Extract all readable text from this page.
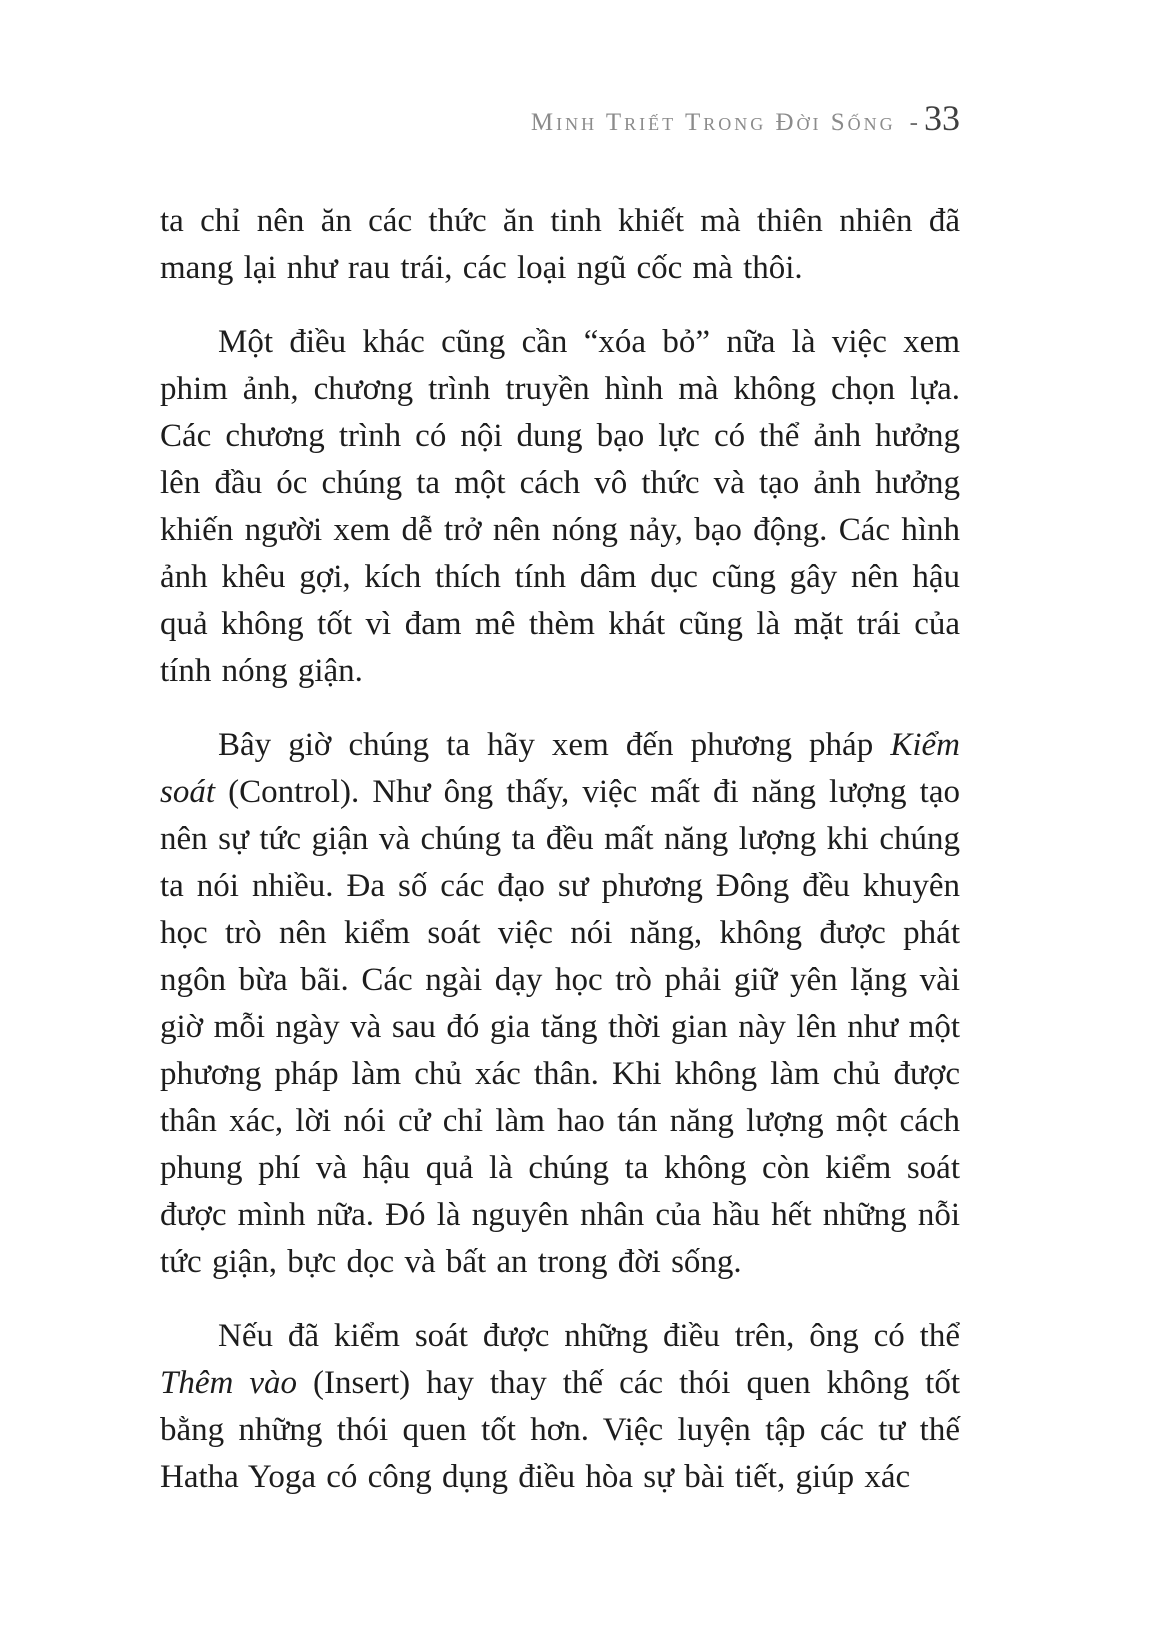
Minh Triết Trong Đời Sống - 33

ta chỉ nên ăn các thức ăn tinh khiết mà thiên nhiên đã mang lại như rau trái, các loại ngũ cốc mà thôi.

Một điều khác cũng cần “xóa bỏ” nữa là việc xem phim ảnh, chương trình truyền hình mà không chọn lựa. Các chương trình có nội dung bạo lực có thể ảnh hưởng lên đầu óc chúng ta một cách vô thức và tạo ảnh hưởng khiến người xem dễ trở nên nóng nảy, bạo động. Các hình ảnh khêu gợi, kích thích tính dâm dục cũng gây nên hậu quả không tốt vì đam mê thèm khát cũng là mặt trái của tính nóng giận.

Bây giờ chúng ta hãy xem đến phương pháp Kiểm soát (Control). Như ông thấy, việc mất đi năng lượng tạo nên sự tức giận và chúng ta đều mất năng lượng khi chúng ta nói nhiều. Đa số các đạo sư phương Đông đều khuyên học trò nên kiểm soát việc nói năng, không được phát ngôn bừa bãi. Các ngài dạy học trò phải giữ yên lặng vài giờ mỗi ngày và sau đó gia tăng thời gian này lên như một phương pháp làm chủ xác thân. Khi không làm chủ được thân xác, lời nói cử chỉ làm hao tán năng lượng một cách phung phí và hậu quả là chúng ta không còn kiểm soát được mình nữa. Đó là nguyên nhân của hầu hết những nỗi tức giận, bực dọc và bất an trong đời sống.

Nếu đã kiểm soát được những điều trên, ông có thể Thêm vào (Insert) hay thay thế các thói quen không tốt bằng những thói quen tốt hơn. Việc luyện tập các tư thế Hatha Yoga có công dụng điều hòa sự bài tiết, giúp xác
